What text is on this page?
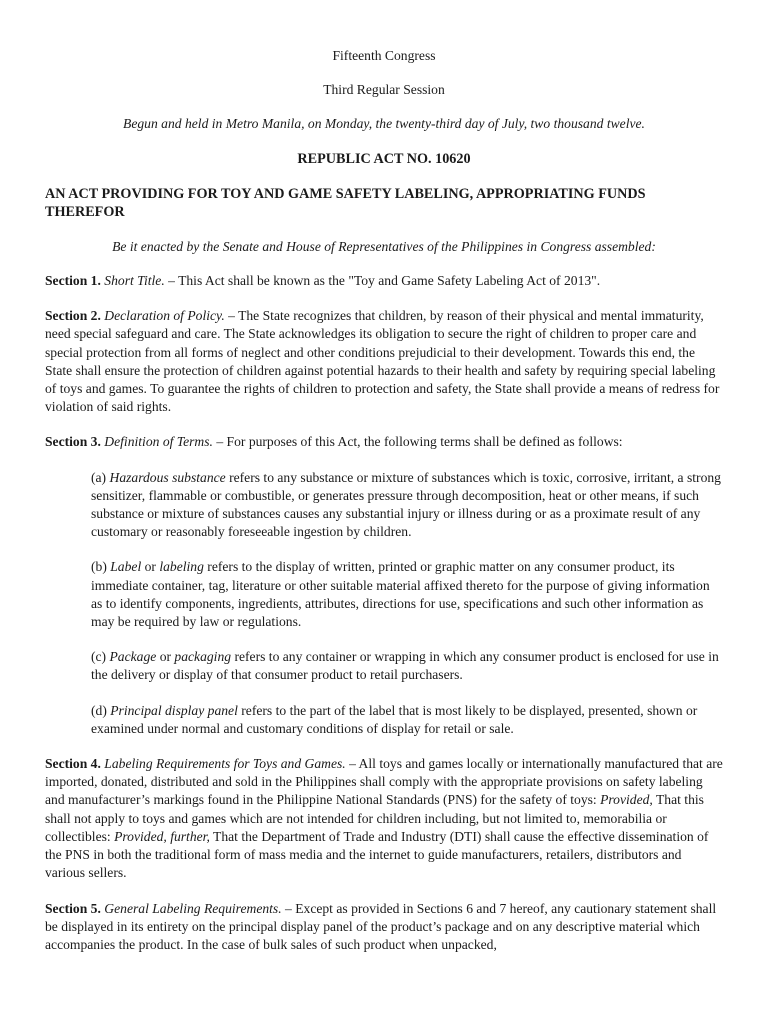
Fifteenth Congress

Third Regular Session

Begun and held in Metro Manila, on Monday, the twenty-third day of July, two thousand twelve.

REPUBLIC ACT NO. 10620

AN ACT PROVIDING FOR TOY AND GAME SAFETY LABELING, APPROPRIATING FUNDS THEREFOR

Be it enacted by the Senate and House of Representatives of the Philippines in Congress assembled:

Section 1. Short Title. – This Act shall be known as the "Toy and Game Safety Labeling Act of 2013".

Section 2. Declaration of Policy. – The State recognizes that children, by reason of their physical and mental immaturity, need special safeguard and care. The State acknowledges its obligation to secure the right of children to proper care and special protection from all forms of neglect and other conditions prejudicial to their development. Towards this end, the State shall ensure the protection of children against potential hazards to their health and safety by requiring special labeling of toys and games. To guarantee the rights of children to protection and safety, the State shall provide a means of redress for violation of said rights.

Section 3. Definition of Terms. – For purposes of this Act, the following terms shall be defined as follows:

(a) Hazardous substance refers to any substance or mixture of substances which is toxic, corrosive, irritant, a strong sensitizer, flammable or combustible, or generates pressure through decomposition, heat or other means, if such substance or mixture of substances causes any substantial injury or illness during or as a proximate result of any customary or reasonably foreseeable ingestion by children.

(b) Label or labeling refers to the display of written, printed or graphic matter on any consumer product, its immediate container, tag, literature or other suitable material affixed thereto for the purpose of giving information as to identify components, ingredients, attributes, directions for use, specifications and such other information as may be required by law or regulations.

(c) Package or packaging refers to any container or wrapping in which any consumer product is enclosed for use in the delivery or display of that consumer product to retail purchasers.

(d) Principal display panel refers to the part of the label that is most likely to be displayed, presented, shown or examined under normal and customary conditions of display for retail or sale.

Section 4. Labeling Requirements for Toys and Games. – All toys and games locally or internationally manufactured that are imported, donated, distributed and sold in the Philippines shall comply with the appropriate provisions on safety labeling and manufacturer’s markings found in the Philippine National Standards (PNS) for the safety of toys: Provided, That this shall not apply to toys and games which are not intended for children including, but not limited to, memorabilia or collectibles: Provided, further, That the Department of Trade and Industry (DTI) shall cause the effective dissemination of the PNS in both the traditional form of mass media and the internet to guide manufacturers, retailers, distributors and various sellers.

Section 5. General Labeling Requirements. – Except as provided in Sections 6 and 7 hereof, any cautionary statement shall be displayed in its entirety on the principal display panel of the product’s package and on any descriptive material which accompanies the product. In the case of bulk sales of such product when unpacked,
